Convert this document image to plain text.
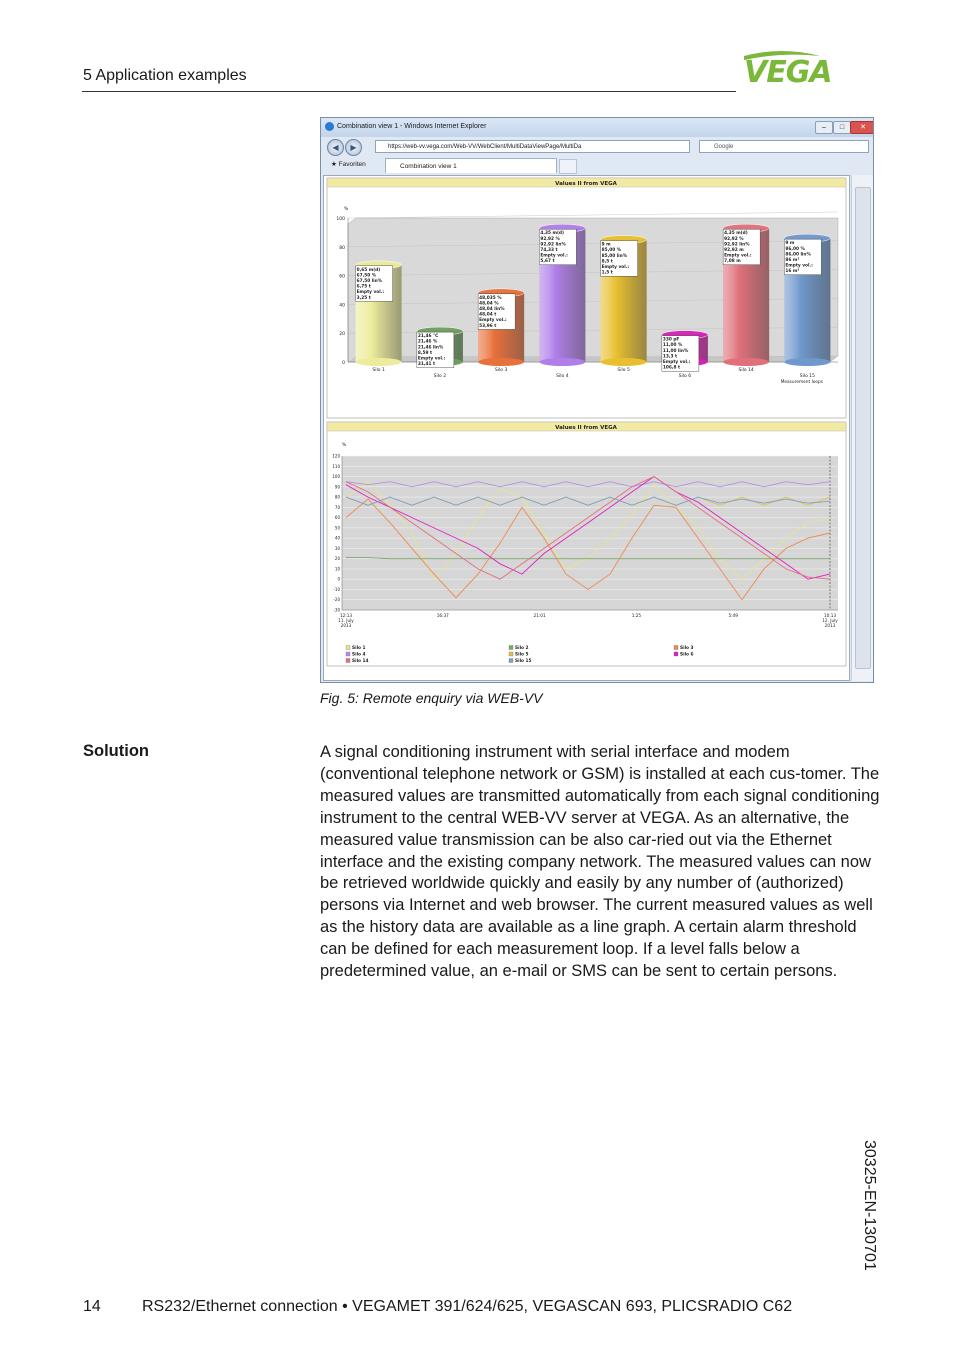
5 Application examples	VEGA
Combination view 1 - Windows Internet Explorer	–	□	✕
◀	▶	https://web-vv.vega.com/Web-VV/WebClient/MultiDataViewPage/MultiDa	Google
★ Favoriten	Combination view 1
Values II from VEGA
%
0
20
40
60
80
100
0,65 m(d)
67,50 %
67,50 lin%
6,75 t
Empty vol.:
3,25 t
Silo 1
21,46 °C
21,46 %
21,46 lin%
8,59 t
Empty vol.:
31,41 t
Silo 2
48,035 %
48,04 %
48,04 lin%
48,04 t
Empty vol.:
53,96 t
Silo 3
4,35 m(d)
92,92 %
92,92 lin%
74,33 t
Empty vol.:
5,67 t
Silo 4
9 m
85,00 %
85,00 lin%
8,5 t
Empty vol.:
1,5 t
Silo 5
330 pF
11,00 %
11,00 lin%
13,3 t
Empty vol.:
106,8 t
Silo 6
4,35 m(d)
92,92 %
92,92 lin%
92,92 m
Empty vol.:
7,08 m
Silo 14
9 m
86,00 %
86,00 lin%
86 m³
Empty vol.:
16 m³
Silo 15
Measurement loops
Values II from VEGA
%
-30
-20
-10
0
10
20
30
40
50
60
70
80
90
100
110
120
12:13
11. July
2013
16:37	21:01	1:25	5:49	10:13
12. July
2013
Silo 1	Silo 2	Silo 3
Silo 4	Silo 5	Silo 6
Silo 14	Silo 15
Fig. 5: Remote enquiry via WEB-VV
Solution	A signal conditioning instrument with serial interface and modem (conventional telephone network or GSM) is installed at each cus-tomer. The measured values are transmitted automatically from each signal conditioning instrument to the central WEB-VV server at VEGA. As an alternative, the measured value transmission can be also car-ried out via the Ethernet interface and the existing company network. The measured values can now be retrieved worldwide quickly and easily by any number of (authorized) persons via Internet and web browser. The current measured values as well as the history data are available as a line graph. A certain alarm threshold can be defined for each measurement loop. If a level falls below a predetermined value, an e-mail or SMS can be sent to certain persons.
30325-EN-130701
14	RS232/Ethernet connection • VEGAMET 391/624/625, VEGASCAN 693, PLICSRADIO C62
